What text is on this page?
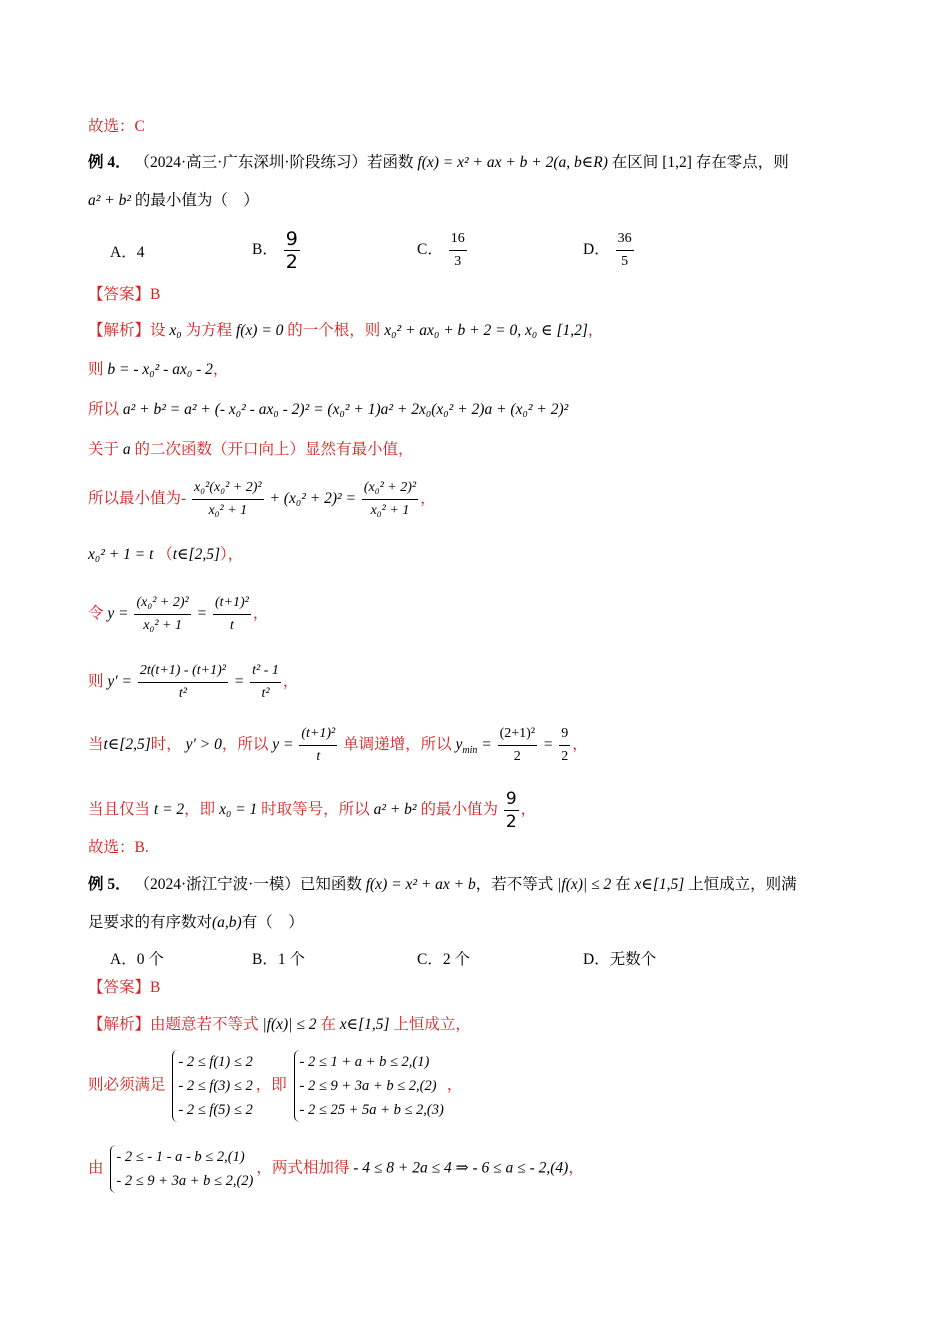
故选：C
例 4． （2024·高三·广东深圳·阶段练习）若函数 f(x) = x² + ax + b + 2(a, b∈R) 在区间 [1,2] 存在零点，则
a² + b² 的最小值为（　）
A．4	B． $\frac{9}{2}$	C． $\frac{16}{3}$	D． $\frac{36}{5}$
【答案】B
【解析】设 x₀ 为方程 f(x) = 0 的一个根，则 x₀² + ax₀ + b + 2 = 0, x₀ ∈ [1,2]，
则 b = - x₀² - ax₀ - 2，
所以 a² + b² = a² + (- x₀² - ax₀ - 2)² = (x₀² + 1)a² + 2x₀(x₀² + 2)a + (x₀² + 2)²
关于 a 的二次函数（开口向上）显然有最小值，
所以最小值为- $\frac{\text{x₀²(x₀² + 2)²}}{\text{x₀² + 1}} + (x_0^2 + 2)^2 = \frac{\text{(x₀² + 2)²}}{\text{x₀² + 1}}$ ，
x₀² + 1 = t （t∈[2,5]），
令 $y = \frac{\text{(x₀² + 2)²}}{\text{x₀² + 1}} = \frac{\text{(t+1)²}}{t}$ ，
则 $y' = \frac{\text{2t(t+1) - (t+1)²}}{\text{t²}} = \frac{\text{t² - 1}}{\text{t²}}$ ，
当t∈[2,5]时， y′ > 0，所以 $y = \frac{\text{(t+1)²}}{t}$ 单调递增，所以 $y_{min} = \frac{\text{(2+1)²}}{2} = \frac{9}{2}$ ，
当且仅当 t = 2，即 x₀ = 1 时取等号，所以 a² + b² 的最小值为 $\frac{9}{2}$ ，
故选：B.
例 5． （2024·浙江宁波·一模）已知函数 f(x) = x² + ax + b，若不等式 |f(x)| ≤ 2 在 x∈[1,5] 上恒成立，则满
足要求的有序数对(a,b)有（　）
A．0 个	B．1 个	C．2 个	D．无数个
【答案】B
【解析】由题意若不等式 |f(x)| ≤ 2 在 x∈[1,5] 上恒成立，
则必须满足
- 2 ≤ f(1) ≤ 2
- 2 ≤ f(3) ≤ 2
- 2 ≤ f(5) ≤ 2
，即
- 2 ≤ 1 + a + b ≤ 2,(1)
- 2 ≤ 9 + 3a + b ≤ 2,(2)
- 2 ≤ 25 + 5a + b ≤ 2,(3)
，
由
- 2 ≤ - 1 - a - b ≤ 2,(1)
- 2 ≤ 9 + 3a + b ≤ 2,(2)
，两式相加得 - 4 ≤ 8 + 2a ≤ 4 ⇒ - 6 ≤ a ≤ - 2,(4)，
